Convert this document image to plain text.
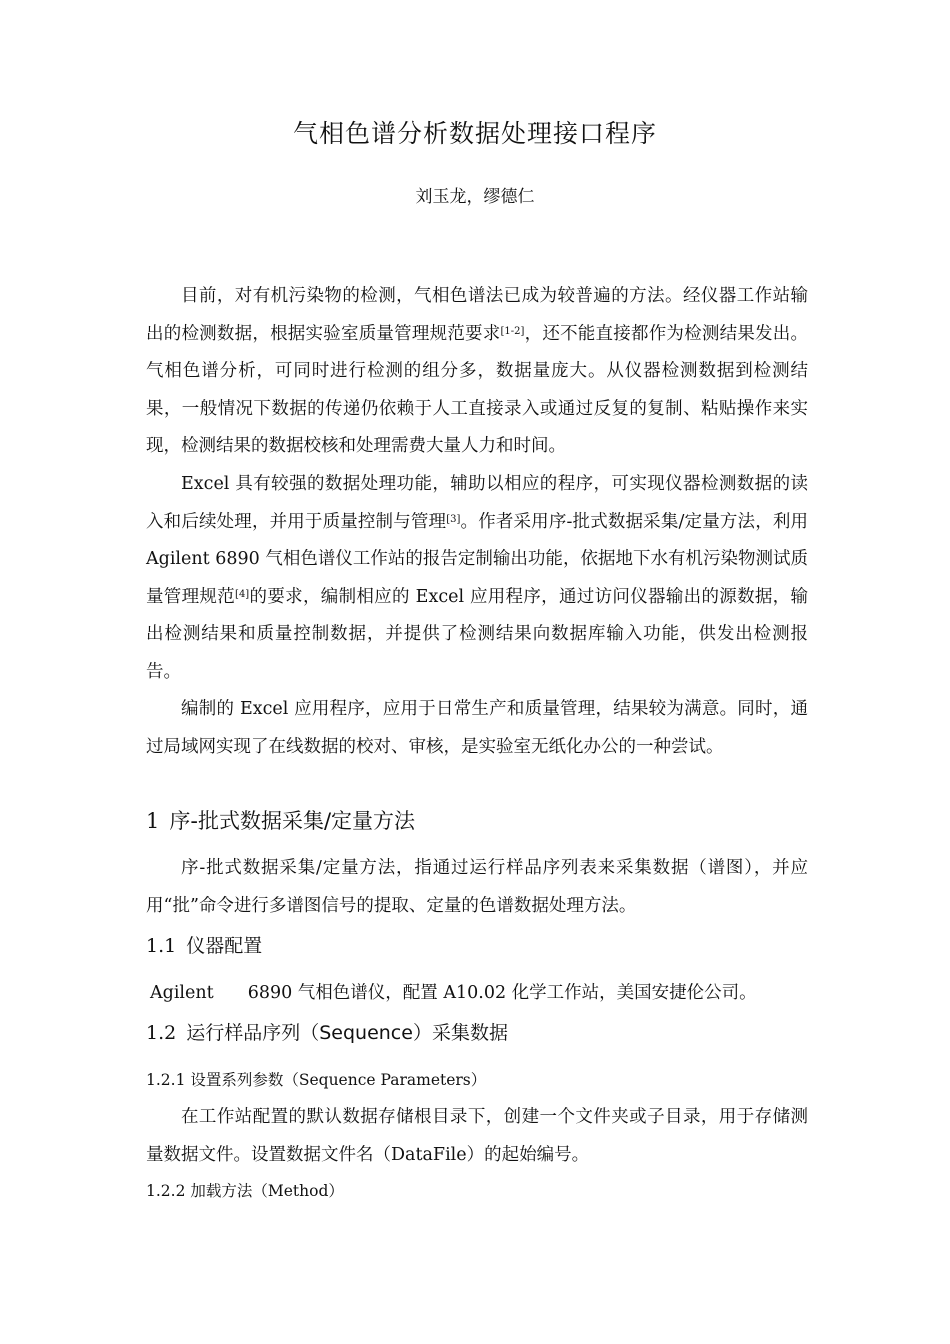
气相色谱分析数据处理接口程序
刘玉龙，缪德仁

目前，对有机污染物的检测，气相色谱法已成为较普遍的方法。经仪器工作站输出的检测数据，根据实验室质量管理规范要求[1-2]，还不能直接都作为检测结果发出。气相色谱分析，可同时进行检测的组分多，数据量庞大。从仪器检测数据到检测结果，一般情况下数据的传递仍依赖于人工直接录入或通过反复的复制、粘贴操作来实现，检测结果的数据校核和处理需费大量人力和时间。

Excel 具有较强的数据处理功能，辅助以相应的程序，可实现仪器检测数据的读入和后续处理，并用于质量控制与管理[3]。作者采用序-批式数据采集/定量方法，利用 Agilent 6890 气相色谱仪工作站的报告定制输出功能，依据地下水有机污染物测试质量管理规范[4]的要求，编制相应的 Excel 应用程序，通过访问仪器输出的源数据，输出检测结果和质量控制数据，并提供了检测结果向数据库输入功能，供发出检测报告。

编制的 Excel 应用程序，应用于日常生产和质量管理，结果较为满意。同时，通过局域网实现了在线数据的校对、审核，是实验室无纸化办公的一种尝试。

1 序-批式数据采集/定量方法

序-批式数据采集/定量方法，指通过运行样品序列表来采集数据（谱图），并应用“批”命令进行多谱图信号的提取、定量的色谱数据处理方法。

1.1 仪器配置
Agilent 6890 气相色谱仪，配置 A10.02 化学工作站，美国安捷伦公司。
1.2 运行样品序列（Sequence）采集数据
1.2.1 设置系列参数（Sequence Parameters）

在工作站配置的默认数据存储根目录下，创建一个文件夹或子目录，用于存储测量数据文件。设置数据文件名（DataFile）的起始编号。

1.2.2 加载方法（Method）
